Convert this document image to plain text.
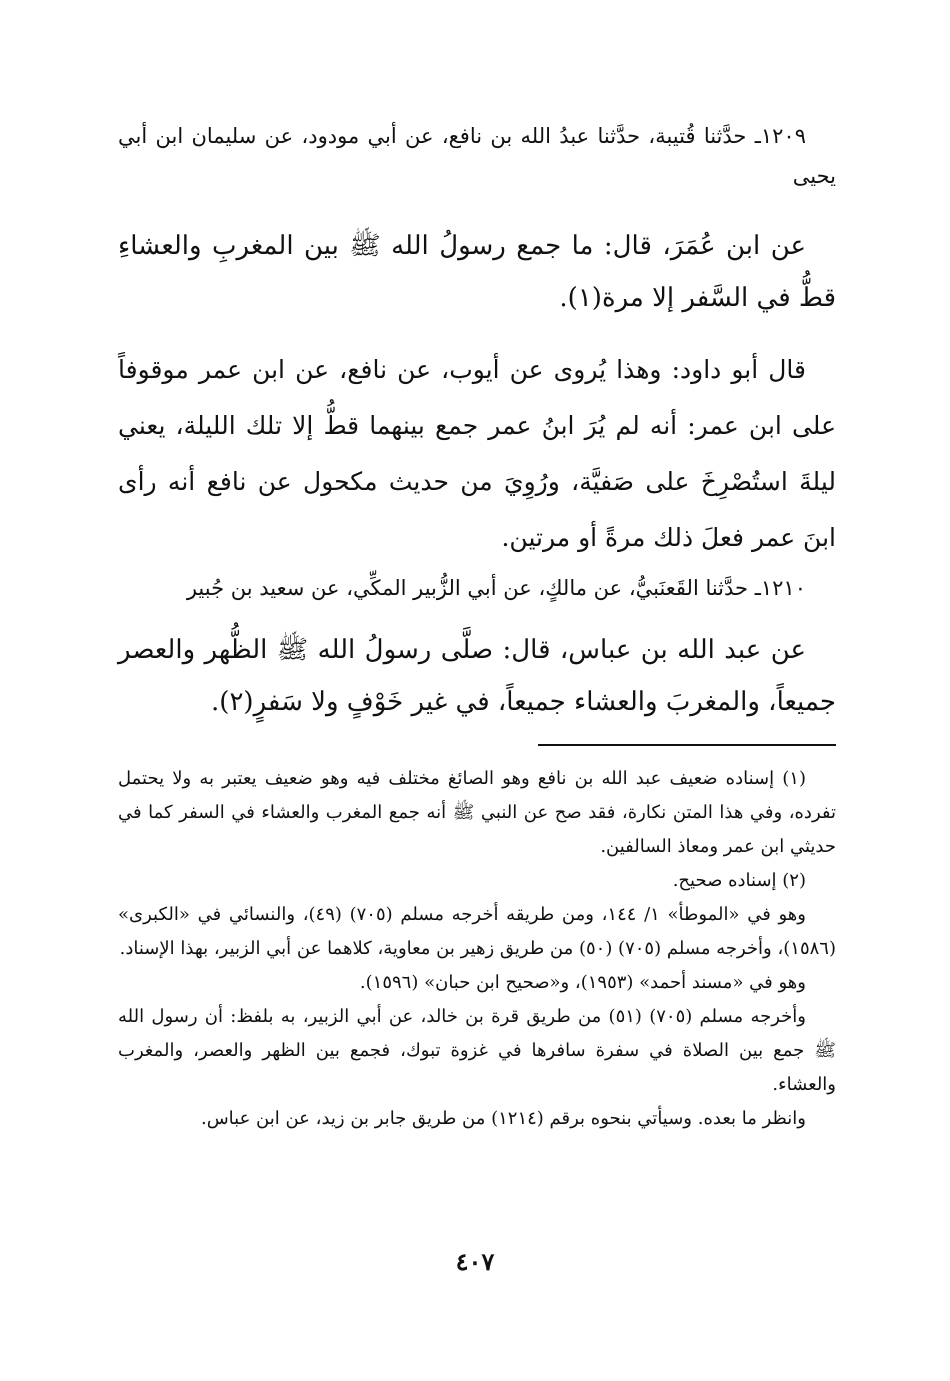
١٢٠٩ـ حدَّثنا قُتيبة، حدَّثنا عبدُ الله بن نافع، عن أبي مودود، عن سليمان ابن أبي يحيى

عن ابن عُمَرَ، قال: ما جمع رسولُ الله ﷺ بين المغربِ والعشاءِ قطُّ في السَّفر إلا مرة(١).

قال أبو داود: وهذا يُروى عن أيوب، عن نافع، عن ابن عمر موقوفاً على ابن عمر: أنه لم يُرَ ابنُ عمر جمع بينهما قطُّ إلا تلك الليلة، يعني ليلةَ استُصْرِخَ على صَفيَّة، ورُوِيَ من حديث مكحول عن نافع أنه رأى ابنَ عمر فعلَ ذلك مرةً أو مرتين.

١٢١٠ـ حدَّثنا القَعنَبيُّ، عن مالكٍ، عن أبي الزُّبير المكِّي، عن سعيد بن جُبير

عن عبد الله بن عباس، قال: صلَّى رسولُ الله ﷺ الظُّهر والعصر جميعاً، والمغربَ والعشاء جميعاً، في غير خَوْفٍ ولا سَفرٍ(٢).

(١) إسناده ضعيف عبد الله بن نافع وهو الصائغ مختلف فيه وهو ضعيف يعتبر به ولا يحتمل تفرده، وفي هذا المتن نكارة، فقد صح عن النبي ﷺ أنه جمع المغرب والعشاء في السفر كما في حديثي ابن عمر ومعاذ السالفين.

(٢) إسناده صحيح.

وهو في «الموطأ» ١/ ١٤٤، ومن طريقه أخرجه مسلم (٧٠٥) (٤٩)، والنسائي في «الكبرى» (١٥٨٦)، وأخرجه مسلم (٧٠٥) (٥٠) من طريق زهير بن معاوية، كلاهما عن أبي الزبير، بهذا الإسناد.

وهو في «مسند أحمد» (١٩٥٣)، و«صحيح ابن حبان» (١٥٩٦).

وأخرجه مسلم (٧٠٥) (٥١) من طريق قرة بن خالد، عن أبي الزبير، به بلفظ: أن رسول الله ﷺ جمع بين الصلاة في سفرة سافرها في غزوة تبوك، فجمع بين الظهر والعصر، والمغرب والعشاء.

وانظر ما بعده. وسيأتي بنحوه برقم (١٢١٤) من طريق جابر بن زيد، عن ابن عباس.

٤٠٧
